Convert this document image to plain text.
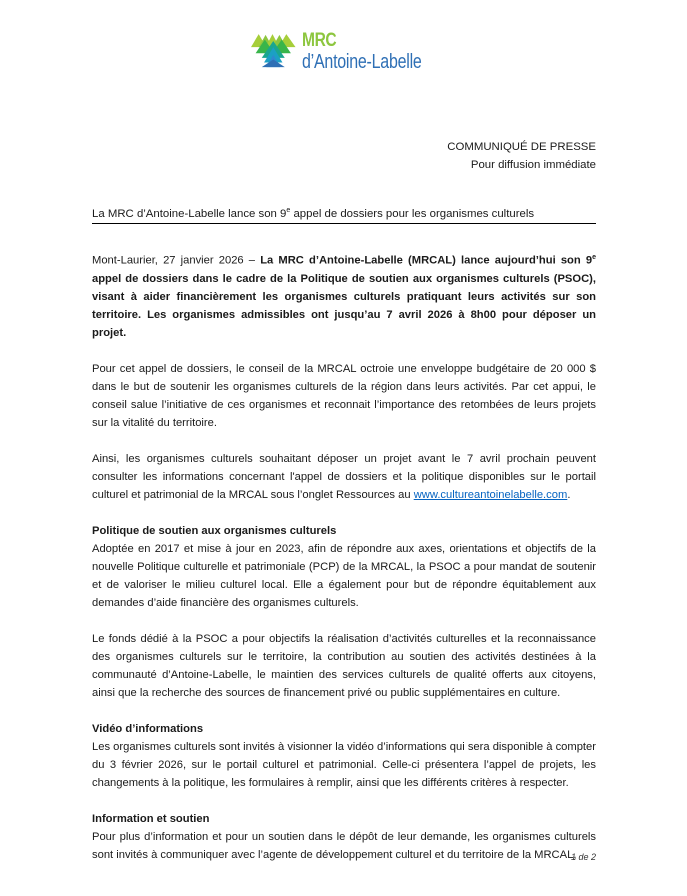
MRC
d’Antoine-Labelle
COMMUNIQUÉ DE PRESSE
Pour diffusion immédiate
La MRC d’Antoine-Labelle lance son 9e appel de dossiers pour les organismes culturels

Mont-Laurier, 27 janvier 2026 – La MRC d’Antoine-Labelle (MRCAL) lance aujourd’hui son 9e appel de dossiers dans le cadre de la Politique de soutien aux organismes culturels (PSOC), visant à aider financièrement les organismes culturels pratiquant leurs activités sur son territoire. Les organismes admissibles ont jusqu’au 7 avril 2026 à 8h00 pour déposer un projet.

Pour cet appel de dossiers, le conseil de la MRCAL octroie une enveloppe budgétaire de 20 000 $ dans le but de soutenir les organismes culturels de la région dans leurs activités. Par cet appui, le conseil salue l’initiative de ces organismes et reconnait l’importance des retombées de leurs projets sur la vitalité du territoire.

Ainsi, les organismes culturels souhaitant déposer un projet avant le 7 avril prochain peuvent consulter les informations concernant l'appel de dossiers et la politique disponibles sur le portail culturel et patrimonial de la MRCAL sous l’onglet Ressources au www.cultureantoinelabelle.com.

Politique de soutien aux organismes culturels
Adoptée en 2017 et mise à jour en 2023, afin de répondre aux axes, orientations et objectifs de la nouvelle Politique culturelle et patrimoniale (PCP) de la MRCAL, la PSOC a pour mandat de soutenir et de valoriser le milieu culturel local. Elle a également pour but de répondre équitablement aux demandes d’aide financière des organismes culturels.

Le fonds dédié à la PSOC a pour objectifs la réalisation d’activités culturelles et la reconnaissance des organismes culturels sur le territoire, la contribution au soutien des activités destinées à la communauté d’Antoine-Labelle, le maintien des services culturels de qualité offerts aux citoyens, ainsi que la recherche des sources de financement privé ou public supplémentaires en culture.

Vidéo d’informations
Les organismes culturels sont invités à visionner la vidéo d’informations qui sera disponible à compter du 3 février 2026, sur le portail culturel et patrimonial. Celle-ci présentera l’appel de projets, les changements à la politique, les formulaires à remplir, ainsi que les différents critères à respecter.

Information et soutien
Pour plus d’information et pour un soutien dans le dépôt de leur demande, les organismes culturels sont invités à communiquer avec l’agente de développement culturel et du territoire de la MRCAL,

1 de 2
